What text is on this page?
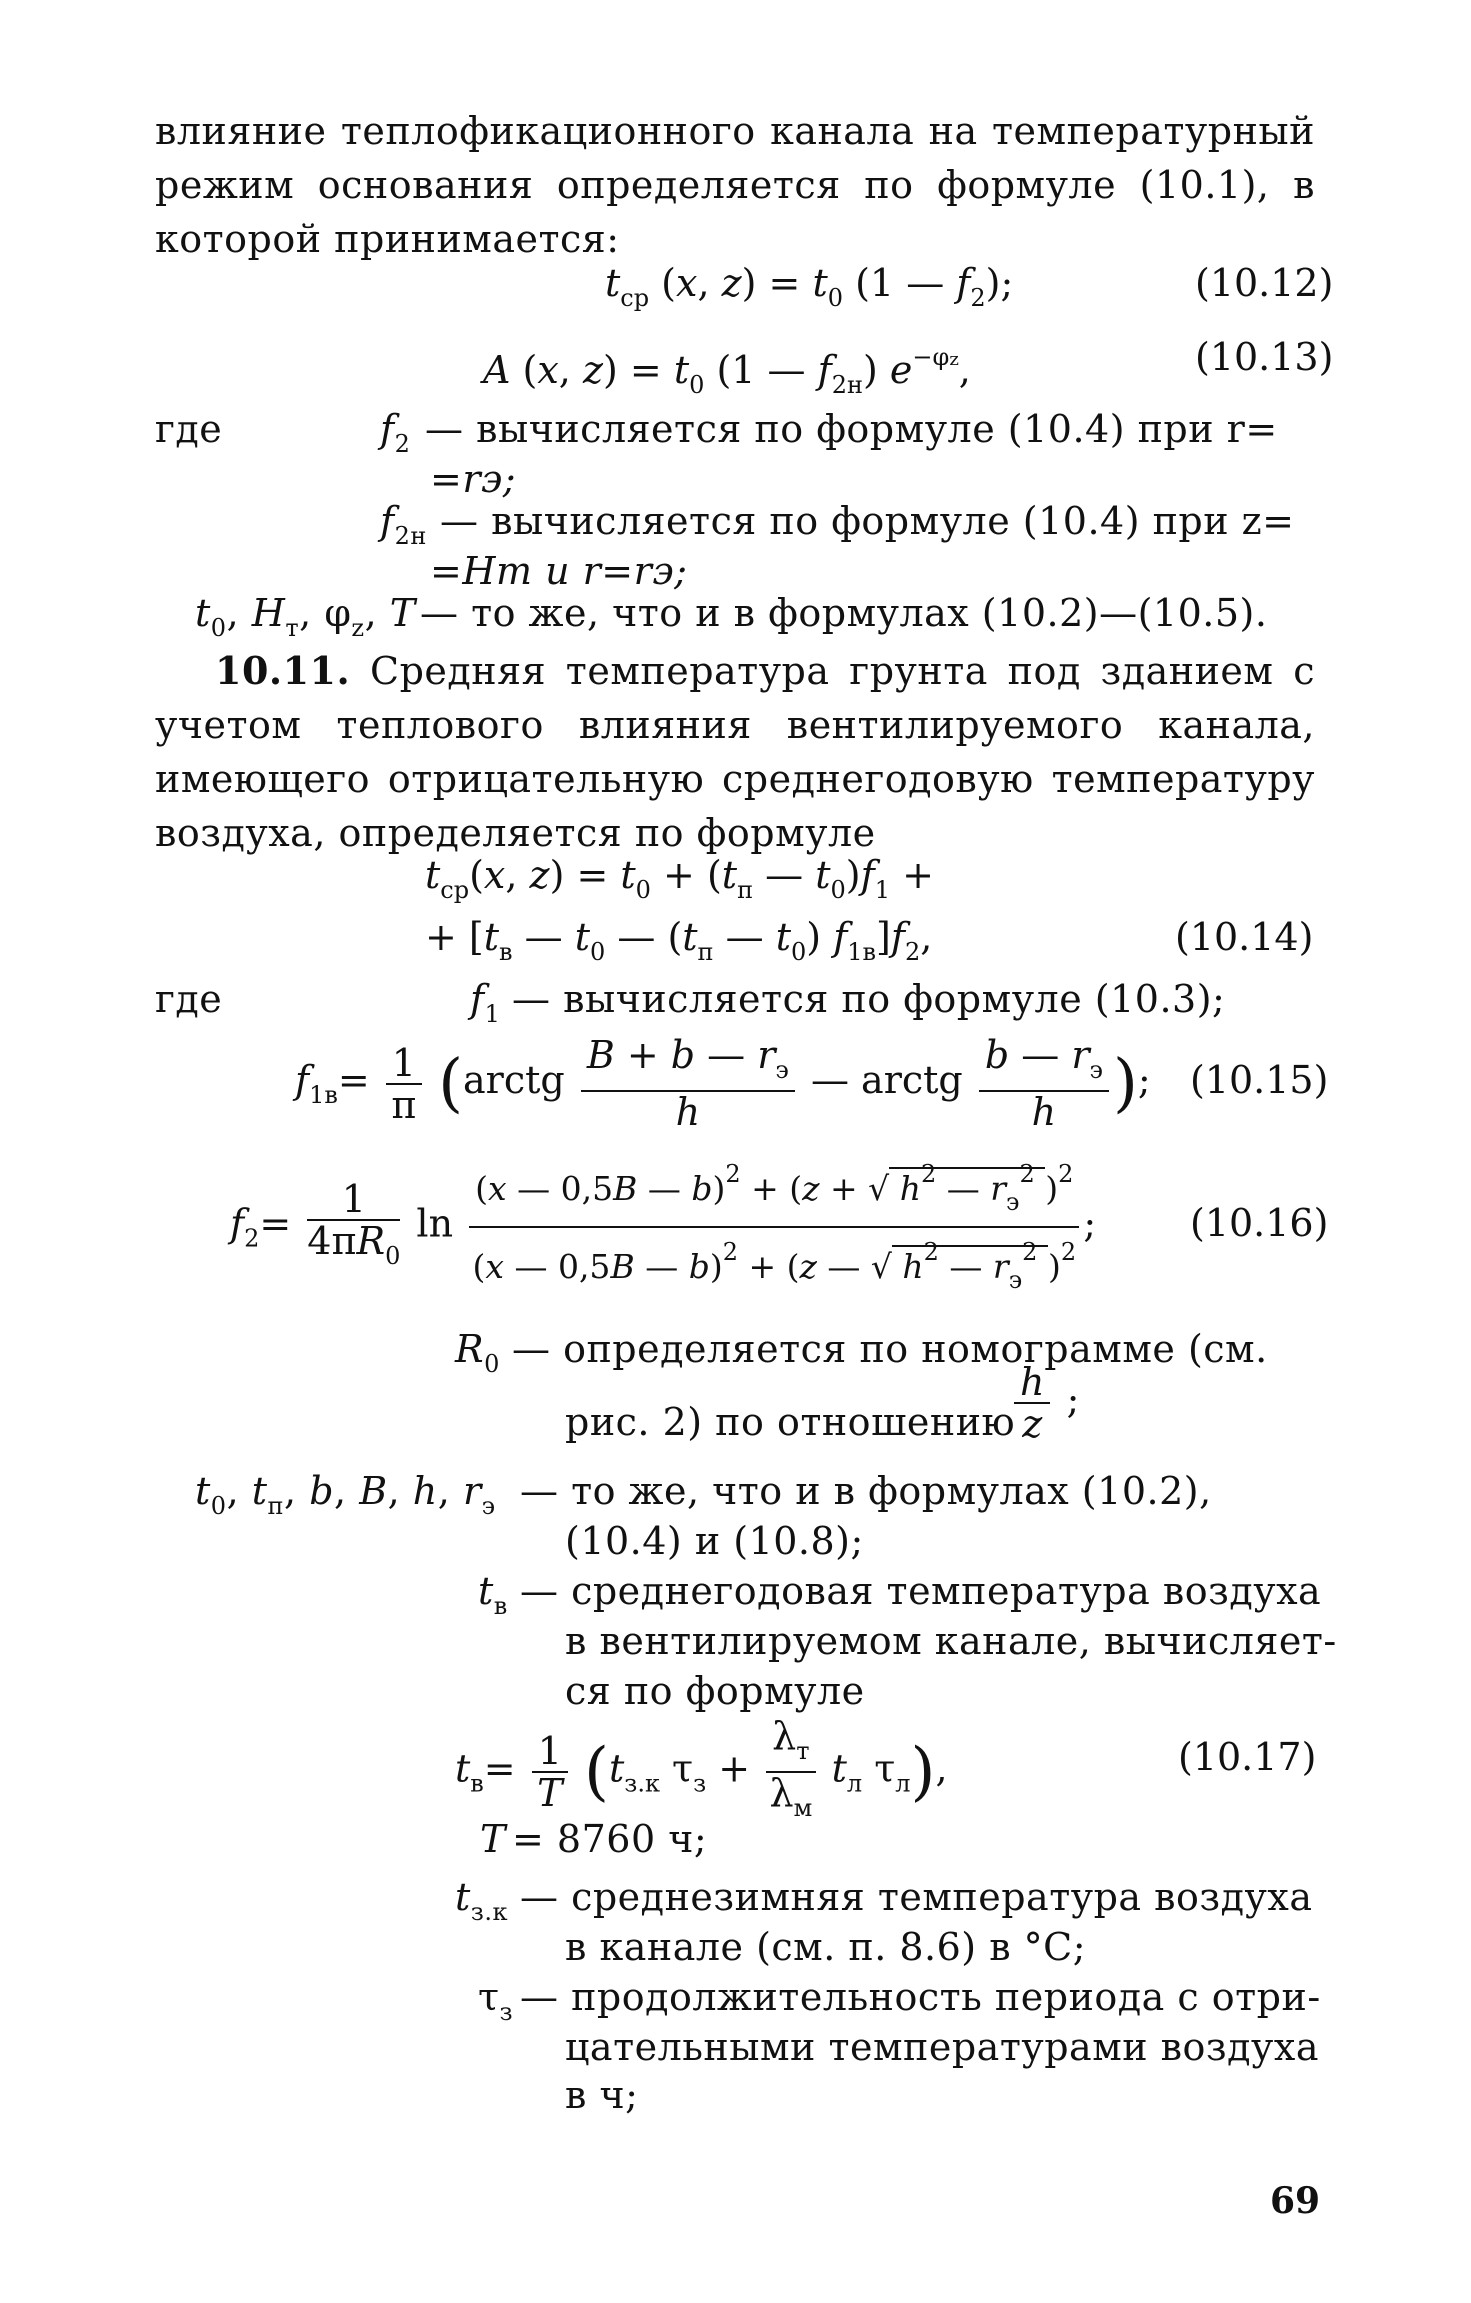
влияние теплофикационного канала на температурный режим основания определяется по формуле (10.1), в которой принимается:
$t_{ср}$ (x, $z) = t_0$ (1 — $f_2$);	(10.12)
A (x, $z) = t_0$ (1 — $f_{2н}$) $e^{-\varphi z}$,	(10.13)
где	$f_2$ — вычисляется по формуле (10.4) при r=
=rэ;
$f_{2н}$ — вычисляется по формуле (10.4) при z=
=Hт и r=rэ;
$t_0$, $H_т$, $\varphi_z$, T — то же, что и в формулах (10.2)—(10.5).
10.11. Средняя температура грунта под зданием с учетом теплового влияния вентилируемого канала, имеющего отрицательную среднегодовую температуру воздуха, определяется по формуле
$t_{ср}(x$, $z) = t_0 + (t_п$ — $t_0)f_1$ +
+ [$t_в$ — $t_0$ — ($t_п$ — $t_0$) $f_{1в}]f_2$,	(10.14)
где	$f_1$ — вычисляется по формуле (10.3);
$f_{1в}= \frac{1}{\pi}$ (arctg $\frac{B + b — r_э}{h}$ — arctg $\frac{b — r_э}{h}$ ); (10.15)
$f_2= \frac{1}{4\pi R_0}$ $\ln \frac{(x — 0,5B — b)^2 + (z + √ h^2 — r_э^2 )^2}{(x — 0,5B — b)^2 + (z — √ h^2 — r_э^2 )^2}$ ; (10.16)
$R_0$ — определяется по номограмме (см.
рис. 2) по отношению
$\frac{h}{z}$ ;
$t_0$, $t_п$, b, B, h, $r_э$ — то же, что и в формулах (10.2),
(10.4) и (10.8);
$t_в$ — среднегодовая температура воздуха
в вентилируемом канале, вычисляет-
ся по формуле
$t_в= \frac{1}{T} (t_{з.к}$ $\tau_з + \frac{\lambda_т}{\lambda_м} t_л$ $\tau_л$),	(10.17)
T = 8760 ч;
$t_{з.к}$ — среднезимняя температура воздуха
в канале (см. п. 8.6) в °С;
$\tau_з$ — продолжительность периода с отри-
цательными температурами воздуха
в ч;
69
